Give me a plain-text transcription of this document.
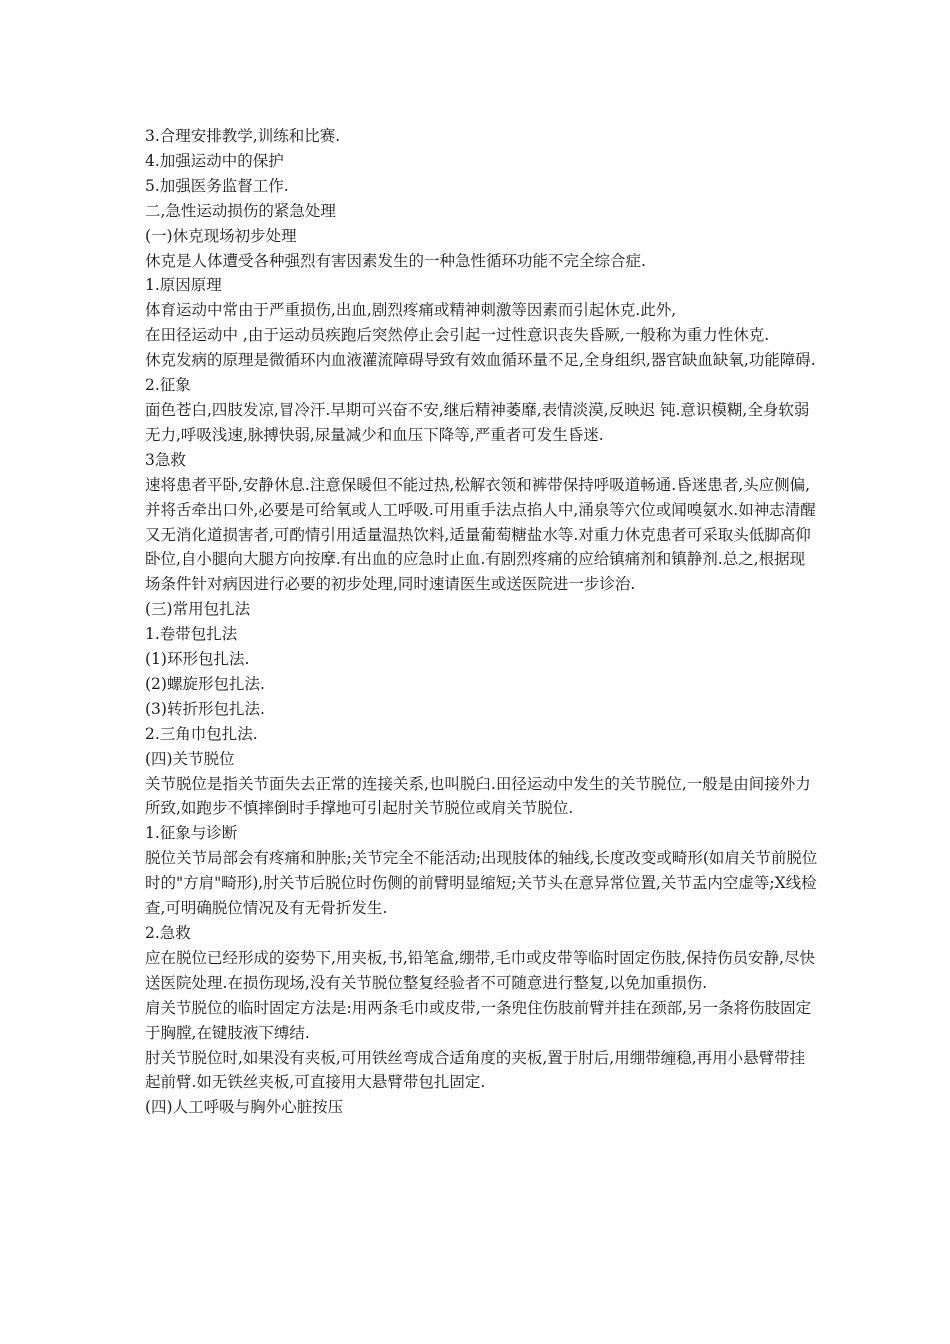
3.合理安排教学,训练和比赛.

4.加强运动中的保护

5.加强医务监督工作.

二,急性运动损伤的紧急处理

(一)休克现场初步处理

休克是人体遭受各种强烈有害因素发生的一种急性循环功能不完全综合症.

1.原因原理

体育运动中常由于严重损伤,出血,剧烈疼痛或精神刺激等因素而引起休克.此外,

在田径运动中 ,由于运动员疾跑后突然停止会引起一过性意识丧失昏厥,一般称为重力性休克.

休克发病的原理是微循环内血液灌流障碍导致有效血循环量不足,全身组织,器官缺血缺氧,功能障碍.

2.征象

面色苍白,四肢发凉,冒冷汗.早期可兴奋不安,继后精神萎靡,表情淡漠,反映迟 钝.意识模糊,全身软弱无力,呼吸浅速,脉搏快弱,尿量减少和血压下降等,严重者可发生昏迷.

3急救

速将患者平卧,安静休息.注意保暖但不能过热,松解衣领和裤带保持呼吸道畅通.昏迷患者,头应侧偏,并将舌牵出口外,必要是可给氧或人工呼吸.可用重手法点掐人中,涌泉等穴位或闻嗅氨水.如神志清醒又无消化道损害者,可酌情引用适量温热饮料,适量葡萄糖盐水等.对重力休克患者可采取头低脚高仰卧位,自小腿向大腿方向按摩.有出血的应急时止血.有剧烈疼痛的应给镇痛剂和镇静剂.总之,根据现场条件针对病因进行必要的初步处理,同时速请医生或送医院进一步诊治.

(三)常用包扎法

1.卷带包扎法

(1)环形包扎法.

(2)螺旋形包扎法.

(3)转折形包扎法.

2.三角巾包扎法.

(四)关节脱位

关节脱位是指关节面失去正常的连接关系,也叫脱臼.田径运动中发生的关节脱位,一般是由间接外力所致,如跑步不慎摔倒时手撑地可引起肘关节脱位或肩关节脱位.

1.征象与诊断

脱位关节局部会有疼痛和肿胀;关节完全不能活动;出现肢体的轴线,长度改变或畸形(如肩关节前脱位时的"方肩"畸形),肘关节后脱位时伤侧的前臂明显缩短;关节头在意异常位置,关节盂内空虚等;X线检查,可明确脱位情况及有无骨折发生.

2.急救

应在脱位已经形成的姿势下,用夹板,书,铅笔盒,绷带,毛巾或皮带等临时固定伤肢,保持伤员安静,尽快送医院处理.在损伤现场,没有关节脱位整复经验者不可随意进行整复,以免加重损伤.

肩关节脱位的临时固定方法是:用两条毛巾或皮带,一条兜住伤肢前臂并挂在颈部,另一条将伤肢固定于胸膛,在键肢液下缚结.

肘关节脱位时,如果没有夹板,可用铁丝弯成合适角度的夹板,置于肘后,用绷带缠稳,再用小悬臂带挂起前臂.如无铁丝夹板,可直接用大悬臂带包扎固定.

(四)人工呼吸与胸外心脏按压
